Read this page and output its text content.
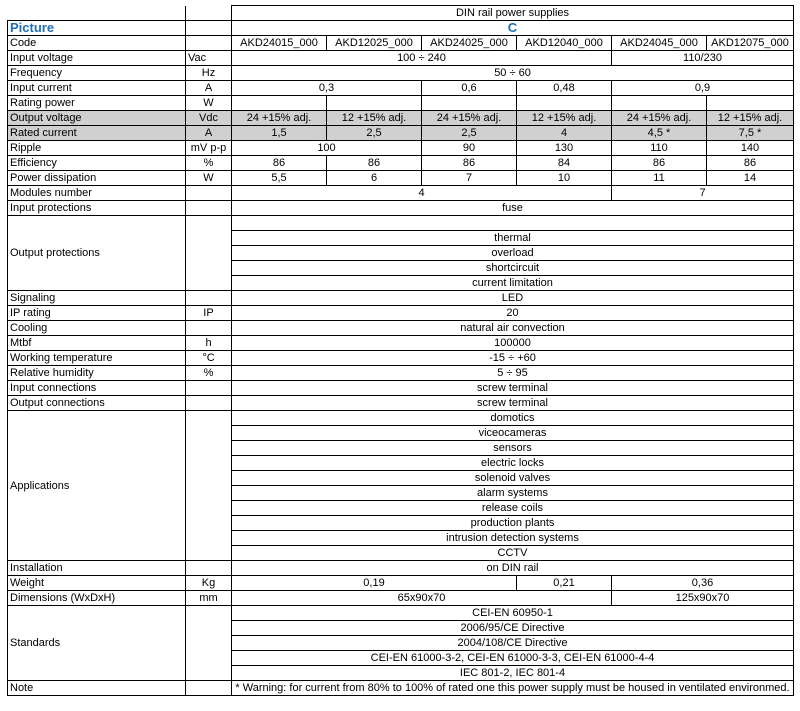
		DIN rail power supplies					
Picture		C					
Code		AKD24015_000	AKD12025_000	AKD24025_000	AKD12040_000	AKD24045_000	AKD12075_000
Input voltage	Vac	100 ÷ 240				110/230	
Frequency	Hz	50 ÷ 60					
Input current	A	0,3		0,6	0,48	0,9	
Rating power	W						
Output voltage	Vdc	24 +15% adj.	12 +15% adj.	24 +15% adj.	12 +15% adj.	24 +15% adj.	12 +15% adj.
Rated current	A	1,5	2,5	2,5	4	4,5 *	7,5 *
Ripple	mV p-p	100		90	130	110	140
Efficiency	%	86	86	86	84	86	86
Power dissipation	W	5,5	6	7	10	11	14
Modules number		4				7	
Input protections		fuse					
Output protections							
		thermal					
		overload					
		shortcircuit					
		current limitation					
Signaling		LED					
IP rating	IP	20					
Cooling		natural air convection					
Mtbf	h	100000					
Working temperature	°C	-15 ÷ +60					
Relative humidity	%	5 ÷ 95					
Input connections		screw terminal					
Output connections		screw terminal					
Applications		domotics					
		viceocameras					
		sensors					
		electric locks					
		solenoid valves					
		alarm systems					
		release coils					
		production plants					
		intrusion detection systems					
		CCTV					
Installation		on DIN rail					
Weight	Kg	0,19			0,21	0,36	
Dimensions (WxDxH)	mm	65x90x70				125x90x70	
Standards		CEI-EN 60950-1					
		2006/95/CE Directive					
		2004/108/CE Directive					
		CEI-EN 61000-3-2, CEI-EN 61000-3-3, CEI-EN 61000-4-4					
		IEC 801-2, IEC 801-4					
Note		* Warning: for current from 80% to 100% of rated one this power supply must be housed in ventilated environmed.					
